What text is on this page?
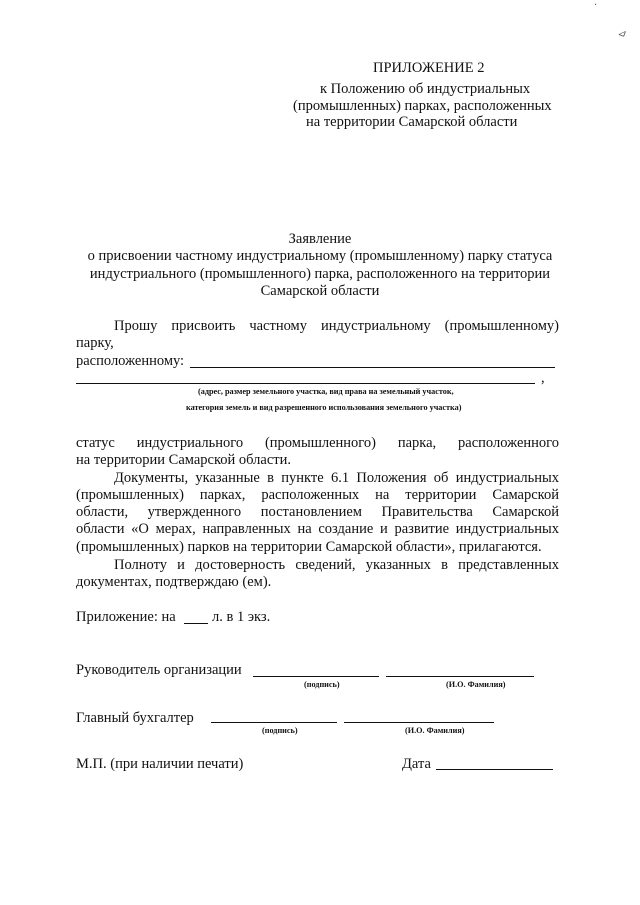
·
⊿
ПРИЛОЖЕНИЕ 2
к Положению об индустриальных
(промышленных) парках, расположенных
на территории Самарской области
Заявление
о присвоении частному индустриальному (промышленному) парку статуса
индустриального (промышленного) парка, расположенного на территории
Самарской области
Прошу присвоить частному индустриальному (промышленному)
парку,
расположенному:
,
(адрес, размер земельного участка, вид права на земельный участок,
категория земель и вид разрешенного использования земельного участка)
статус индустриального (промышленного) парка, расположенного
на территории Самарской области.
Документы, указанные в пункте 6.1 Положения об индустриальных
(промышленных) парках, расположенных на территории Самарской
области, утвержденного постановлением Правительства Самарской
области «О мерах, направленных на создание и развитие индустриальных
(промышленных) парков на территории Самарской области», прилагаются.
Полноту и достоверность сведений, указанных в представленных
документах, подтверждаю (ем).
Приложение: на	л. в 1 экз.
Руководитель организации
(подпись)	(И.О. Фамилия)
Главный бухгалтер
(подпись)	(И.О. Фамилия)
М.П. (при наличии печати)	Дата
